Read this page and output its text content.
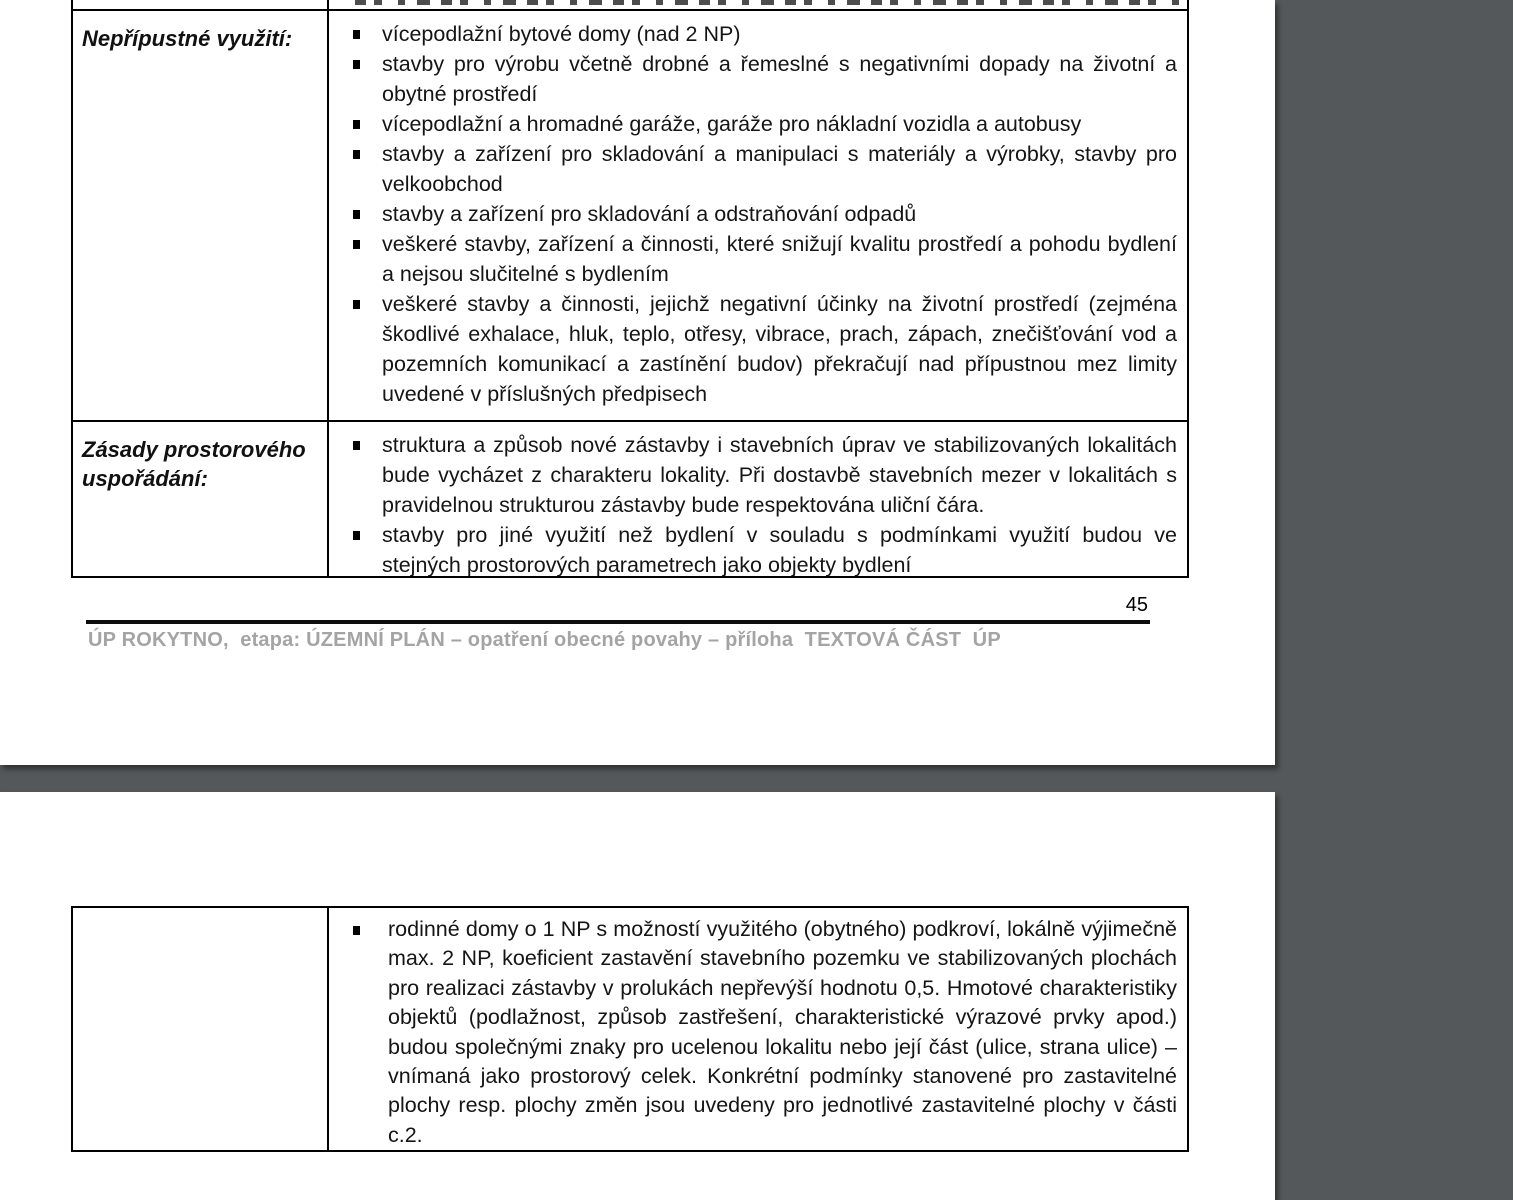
Nepřípustné využití:	vícepodlažní bytové domy (nad 2 NP)
stavby pro výrobu včetně drobné a řemeslné s negativními dopady na životní a obytné prostředí
vícepodlažní a hromadné garáže, garáže pro nákladní vozidla a autobusy
stavby a zařízení pro skladování a manipulaci s materiály a výrobky, stavby pro velkoobchod
stavby a zařízení pro skladování a odstraňování odpadů
veškeré stavby, zařízení a činnosti, které snižují kvalitu prostředí a pohodu bydlení a nejsou slučitelné s bydlením
veškeré stavby a činnosti, jejichž negativní účinky na životní prostředí (zejména škodlivé exhalace, hluk, teplo, otřesy, vibrace, prach, zápach, znečišťování vod a pozemních komunikací a zastínění budov) překračují nad přípustnou mez limity uvedené v příslušných předpisech
Zásady prostorového uspořádání:
struktura a způsob nové zástavby i stavebních úprav ve stabilizovaných lokalitách bude vycházet z charakteru lokality. Při dostavbě stavebních mezer v lokalitách s pravidelnou strukturou zástavby bude respektována uliční čára.
stavby pro jiné využití než bydlení v souladu s podmínkami využití budou ve stejných prostorových parametrech jako objekty bydlení
45
ÚP ROKYTNO,  etapa: ÚZEMNÍ PLÁN – opatření obecné povahy – příloha  TEXTOVÁ ČÁST  ÚP
rodinné domy o 1 NP s možností využitého (obytného) podkroví, lokálně výjimečně max. 2 NP, koeficient zastavění stavebního pozemku ve stabilizovaných plochách pro realizaci zástavby v prolukách nepřevýší hodnotu 0,5. Hmotové charakteristiky objektů (podlažnost, způsob zastřešení, charakteristické výrazové prvky apod.) budou společnými znaky pro ucelenou lokalitu nebo její část (ulice, strana ulice) – vnímaná jako prostorový celek. Konkrétní podmínky stanovené pro zastavitelné plochy resp. plochy změn jsou uvedeny pro jednotlivé zastavitelné plochy v části c.2.
